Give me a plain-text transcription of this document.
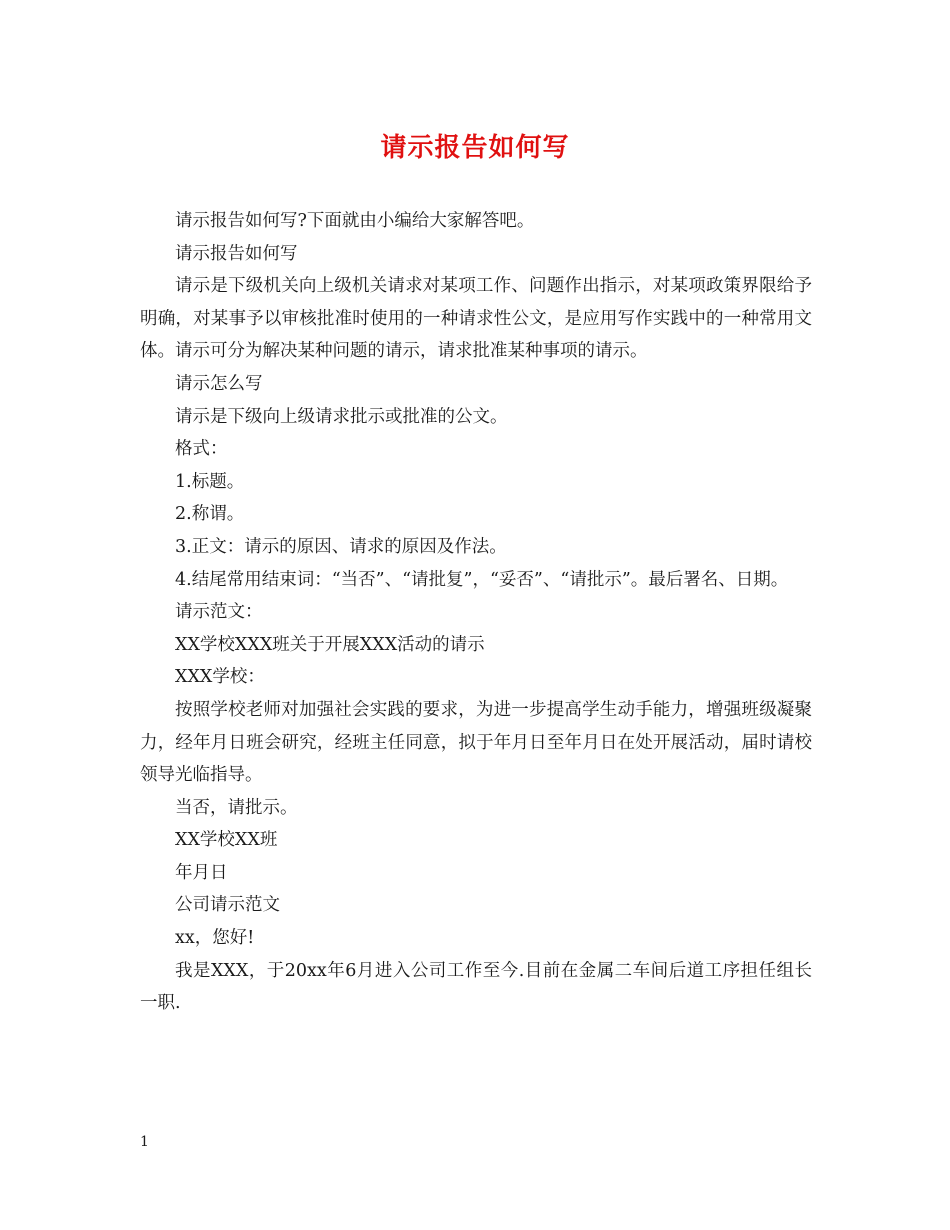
请示报告如何写

请示报告如何写?下面就由小编给大家解答吧。

请示报告如何写

请示是下级机关向上级机关请求对某项工作、问题作出指示，对某项政策界限给予明确，对某事予以审核批准时使用的一种请求性公文，是应用写作实践中的一种常用文体。请示可分为解决某种问题的请示，请求批准某种事项的请示。

请示怎么写

请示是下级向上级请求批示或批准的公文。

格式：

1.标题。

2.称谓。

3.正文：请示的原因、请求的原因及作法。

4.结尾常用结束词：“当否”、“请批复”，“妥否”、“请批示”。最后署名、日期。

请示范文：

XX学校XXX班关于开展XXX活动的请示

XXX学校：

按照学校老师对加强社会实践的要求，为进一步提高学生动手能力，增强班级凝聚力，经年月日班会研究，经班主任同意，拟于年月日至年月日在处开展活动，届时请校领导光临指导。

当否，请批示。

XX学校XX班

年月日

公司请示范文

xx，您好!

我是XXX，于20xx年6月进入公司工作至今.目前在金属二车间后道工序担任组长一职.

1
